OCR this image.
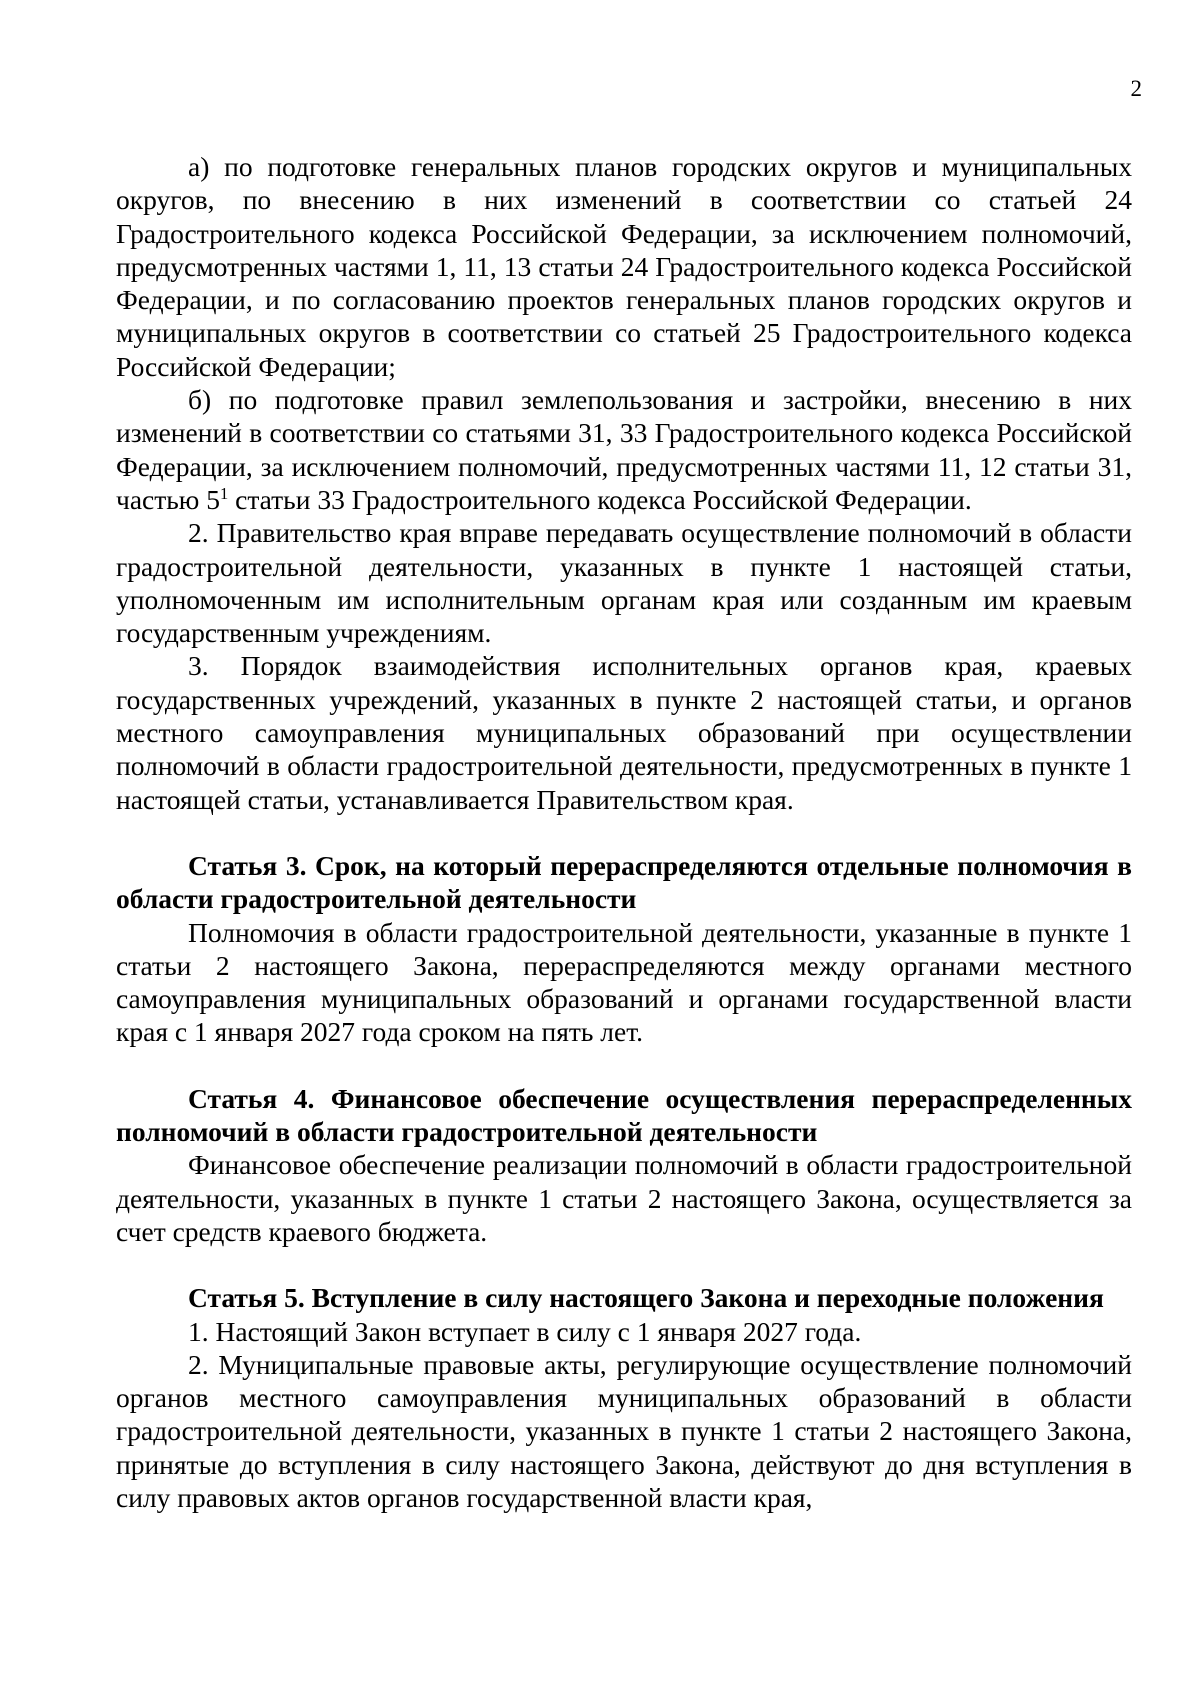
2

а) по подготовке генеральных планов городских округов и муниципальных округов, по внесению в них изменений в соответствии со статьей 24 Градостроительного кодекса Российской Федерации, за исключением полномочий, предусмотренных частями 1, 11, 13 статьи 24 Градостроительного кодекса Российской Федерации, и по согласованию проектов генеральных планов городских округов и муниципальных округов в соответствии со статьей 25 Градостроительного кодекса Российской Федерации;

б) по подготовке правил землепользования и застройки, внесению в них изменений в соответствии со статьями 31, 33 Градостроительного кодекса Российской Федерации, за исключением полномочий, предусмотренных частями 11, 12 статьи 31, частью $5^1$ статьи 33 Градостроительного кодекса Российской Федерации.

2. Правительство края вправе передавать осуществление полномочий в области градостроительной деятельности, указанных в пункте 1 настоящей статьи, уполномоченным им исполнительным органам края или созданным им краевым государственным учреждениям.

3. Порядок взаимодействия исполнительных органов края, краевых государственных учреждений, указанных в пункте 2 настоящей статьи, и органов местного самоуправления муниципальных образований при осуществлении полномочий в области градостроительной деятельности, предусмотренных в пункте 1 настоящей статьи, устанавливается Правительством края.

Статья 3. Срок, на который перераспределяются отдельные полномочия в области градостроительной деятельности

Полномочия в области градостроительной деятельности, указанные в пункте 1 статьи 2 настоящего Закона, перераспределяются между органами местного самоуправления муниципальных образований и органами государственной власти края с 1 января 2027 года сроком на пять лет.

Статья 4. Финансовое обеспечение осуществления перераспределенных полномочий в области градостроительной деятельности

Финансовое обеспечение реализации полномочий в области градостроительной деятельности, указанных в пункте 1 статьи 2 настоящего Закона, осуществляется за счет средств краевого бюджета.

Статья 5. Вступление в силу настоящего Закона и переходные положения

1. Настоящий Закон вступает в силу с 1 января 2027 года.

2. Муниципальные правовые акты, регулирующие осуществление полномочий органов местного самоуправления муниципальных образований в области градостроительной деятельности, указанных в пункте 1 статьи 2 настоящего Закона, принятые до вступления в силу настоящего Закона, действуют до дня вступления в силу правовых актов органов государственной власти края,
